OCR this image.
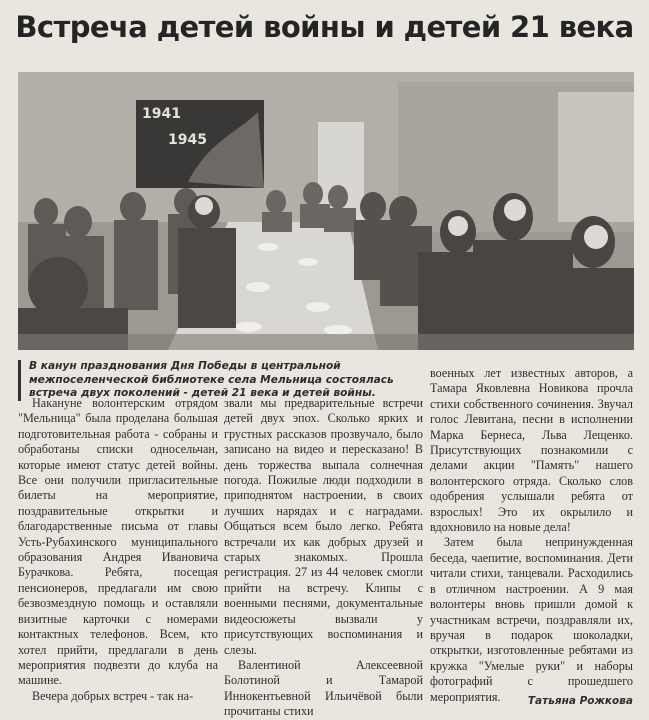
Встреча детей войны и детей 21 века
1941
1945
В канун празднования Дня Победы в центральной межпоселенческой библиотеке села Мельница состоялась встреча двух поколений - детей 21 века и детей войны.

Накануне волонтерским отрядом "Мельница" была проделана большая подготовительная работа - собраны и обработаны списки односельчан, которые имеют статус детей войны. Все они получили пригласительные билеты на мероприятие, поздравительные открытки и благодарственные письма от главы Усть-Рубахинского муниципального образования Андрея Ивановича Бурачкова. Ребята, посещая пенсионеров, предлагали им свою безвозмездную помощь и оставляли визитные карточки с номерами контактных телефонов. Всем, кто хотел прийти, предлагали в день мероприятия подвезти до клуба на машине.

Вечера добрых встреч - так на-

звали мы предварительные встречи детей двух эпох. Сколько ярких и грустных рассказов прозвучало, было записано на видео и пересказано! В день торжества выпала солнечная погода. Пожилые люди подходили в приподнятом настроении, в своих лучших нарядах и с наградами. Общаться всем было легко. Ребята встречали их как добрых друзей и старых знакомых. Прошла регистрация. 27 из 44 человек смогли прийти на встречу. Клипы с военными песнями, документальные видеосюжеты вызвали у присутствующих воспоминания и слезы.

Валентиной Алексеевной Болотиной и Тамарой Иннокентьевной Ильичёвой были прочитаны стихи

военных лет известных авторов, а Тамара Яковлевна Новикова прочла стихи собственного сочинения. Звучал голос Левитана, песни в исполнении Марка Бернеса, Льва Лещенко. Присутствующих познакомили с делами акции "Память" нашего волонтерского отряда. Сколько слов одобрения услышали ребята от взрослых! Это их окрылило и вдохновило на новые дела!

Затем была непринужденная беседа, чаепитие, воспоминания. Дети читали стихи, танцевали. Расходились в отличном настроении. А 9 мая волонтеры вновь пришли домой к участникам встречи, поздравляли их, вручая в подарок шоколадки, открытки, изготовленные ребятами из кружка "Умелые руки" и наборы фотографий с прошедшего мероприятия.	Татьяна Рожкова
